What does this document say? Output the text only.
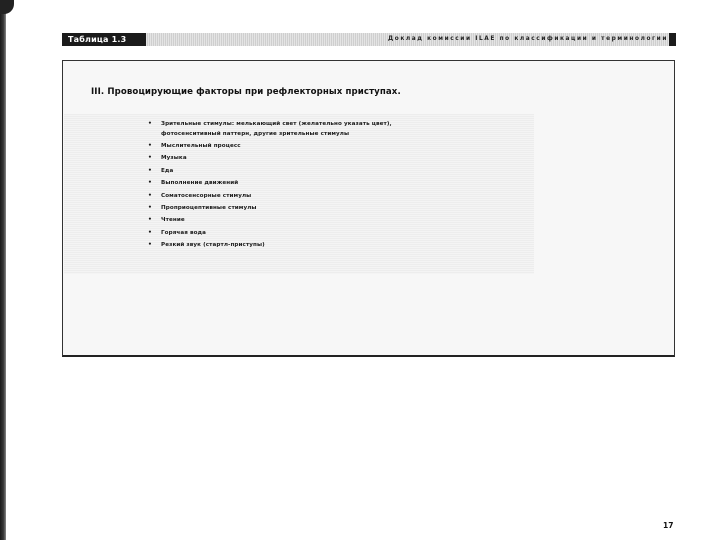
Таблица 1.3	Доклад комиссии ILAE по классификации и терминологии
III. Провоцирующие факторы при рефлекторных приступах.
• Зрительные стимулы: мелькающий свет (желательно указать цвет), фотосенситивный паттерн, другие зрительные стимулы
• Мыслительный процесс
• Музыка
• Еда
• Выполнение движений
• Соматосенсорные стимулы
• Проприоцептивные стимулы
• Чтение
• Горячая вода
• Резкий звук (стартл-приступы)
17
